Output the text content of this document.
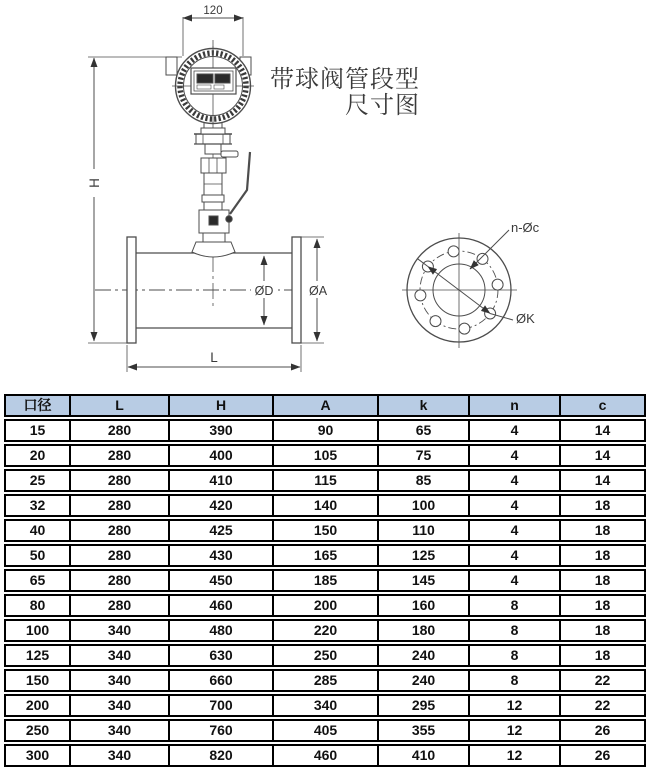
120
H
ØD	ØA
L
n-Øc
ØK
带球阀管段型
尺寸图
口径	L	H	A	k	n	c
15	280	390	90	65	4	14
20	280	400	105	75	4	14
25	280	410	115	85	4	14
32	280	420	140	100	4	18
40	280	425	150	110	4	18
50	280	430	165	125	4	18
65	280	450	185	145	4	18
80	280	460	200	160	8	18
100	340	480	220	180	8	18
125	340	630	250	240	8	18
150	340	660	285	240	8	22
200	340	700	340	295	12	22
250	340	760	405	355	12	26
300	340	820	460	410	12	26
